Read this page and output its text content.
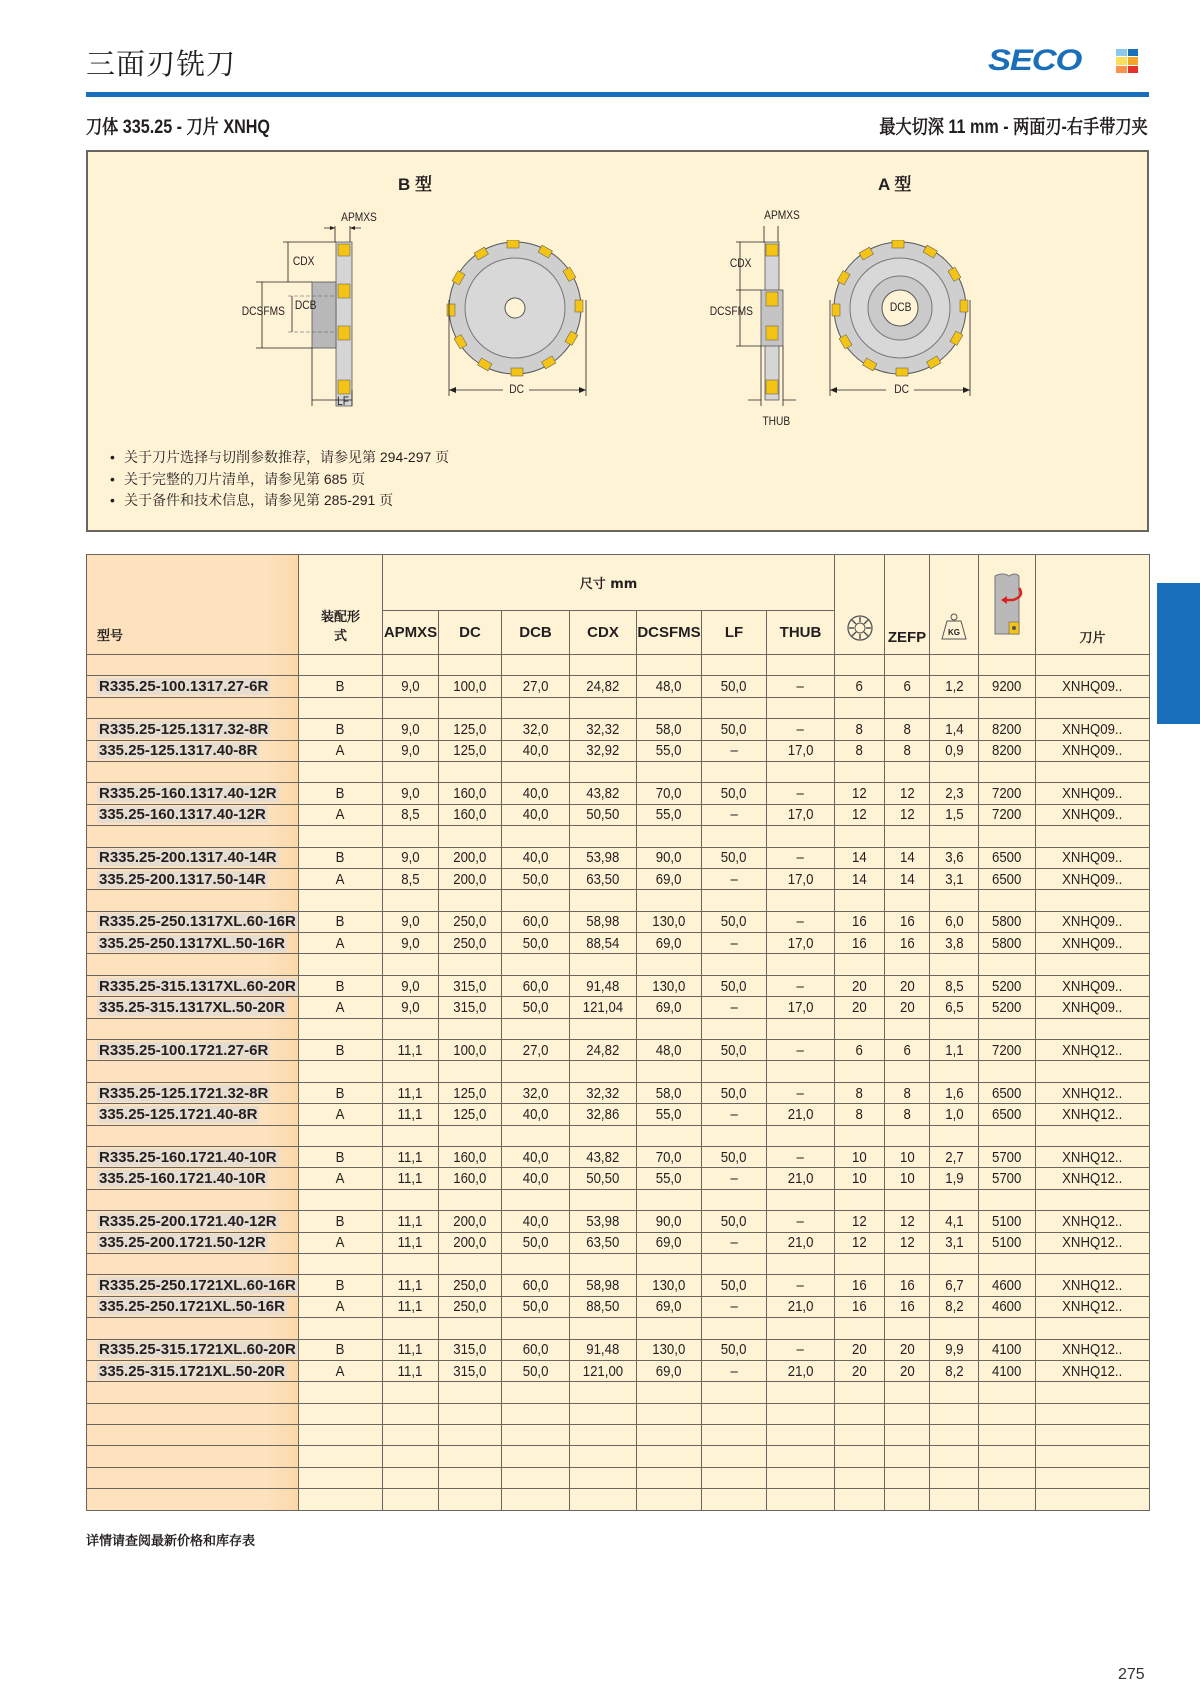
三面刃铣刀	SECO
刀体 335.25 - 刀片 XNHQ	最大切深 11 mm - 两面刃-右手带刀夹
B 型	A 型
APMXS
CDX
DCSFMS DCB
LF
DC
APMXS
CDX
DCSFMS
THUB
DCB
DC
• 关于刀片选择与切削参数推荐，请参见第 294-297 页
• 关于完整的刀片清单，请参见第 685 页
• 关于备件和技术信息，请参见第 285-291 页
型号	装配形式	尺寸 mm								ZEFP	KG		刀片
		APMXS	DC	DCB	CDX	DCSFMS	LF	THUB					

R335.25-100.1317.27-6R	B	9,0	100,0	27,0	24,82	48,0	50,0	–	6	6	1,2	9200	XNHQ09..

R335.25-125.1317.32-8R	B	9,0	125,0	32,0	32,32	58,0	50,0	–	8	8	1,4	8200	XNHQ09..
335.25-125.1317.40-8R	A	9,0	125,0	40,0	32,92	55,0	–	17,0	8	8	0,9	8200	XNHQ09..

R335.25-160.1317.40-12R	B	9,0	160,0	40,0	43,82	70,0	50,0	–	12	12	2,3	7200	XNHQ09..
335.25-160.1317.40-12R	A	8,5	160,0	40,0	50,50	55,0	–	17,0	12	12	1,5	7200	XNHQ09..

R335.25-200.1317.40-14R	B	9,0	200,0	40,0	53,98	90,0	50,0	–	14	14	3,6	6500	XNHQ09..
335.25-200.1317.50-14R	A	8,5	200,0	50,0	63,50	69,0	–	17,0	14	14	3,1	6500	XNHQ09..

R335.25-250.1317XL.60-16R	B	9,0	250,0	60,0	58,98	130,0	50,0	–	16	16	6,0	5800	XNHQ09..
335.25-250.1317XL.50-16R	A	9,0	250,0	50,0	88,54	69,0	–	17,0	16	16	3,8	5800	XNHQ09..

R335.25-315.1317XL.60-20R	B	9,0	315,0	60,0	91,48	130,0	50,0	–	20	20	8,5	5200	XNHQ09..
335.25-315.1317XL.50-20R	A	9,0	315,0	50,0	121,04	69,0	–	17,0	20	20	6,5	5200	XNHQ09..

R335.25-100.1721.27-6R	B	11,1	100,0	27,0	24,82	48,0	50,0	–	6	6	1,1	7200	XNHQ12..

R335.25-125.1721.32-8R	B	11,1	125,0	32,0	32,32	58,0	50,0	–	8	8	1,6	6500	XNHQ12..
335.25-125.1721.40-8R	A	11,1	125,0	40,0	32,86	55,0	–	21,0	8	8	1,0	6500	XNHQ12..

R335.25-160.1721.40-10R	B	11,1	160,0	40,0	43,82	70,0	50,0	–	10	10	2,7	5700	XNHQ12..
335.25-160.1721.40-10R	A	11,1	160,0	40,0	50,50	55,0	–	21,0	10	10	1,9	5700	XNHQ12..

R335.25-200.1721.40-12R	B	11,1	200,0	40,0	53,98	90,0	50,0	–	12	12	4,1	5100	XNHQ12..
335.25-200.1721.50-12R	A	11,1	200,0	50,0	63,50	69,0	–	21,0	12	12	3,1	5100	XNHQ12..

R335.25-250.1721XL.60-16R	B	11,1	250,0	60,0	58,98	130,0	50,0	–	16	16	6,7	4600	XNHQ12..
335.25-250.1721XL.50-16R	A	11,1	250,0	50,0	88,50	69,0	–	21,0	16	16	8,2	4600	XNHQ12..

R335.25-315.1721XL.60-20R	B	11,1	315,0	60,0	91,48	130,0	50,0	–	20	20	9,9	4100	XNHQ12..
335.25-315.1721XL.50-20R	A	11,1	315,0	50,0	121,00	69,0	–	21,0	20	20	8,2	4100	XNHQ12..

详情请查阅最新价格和库存表
275
